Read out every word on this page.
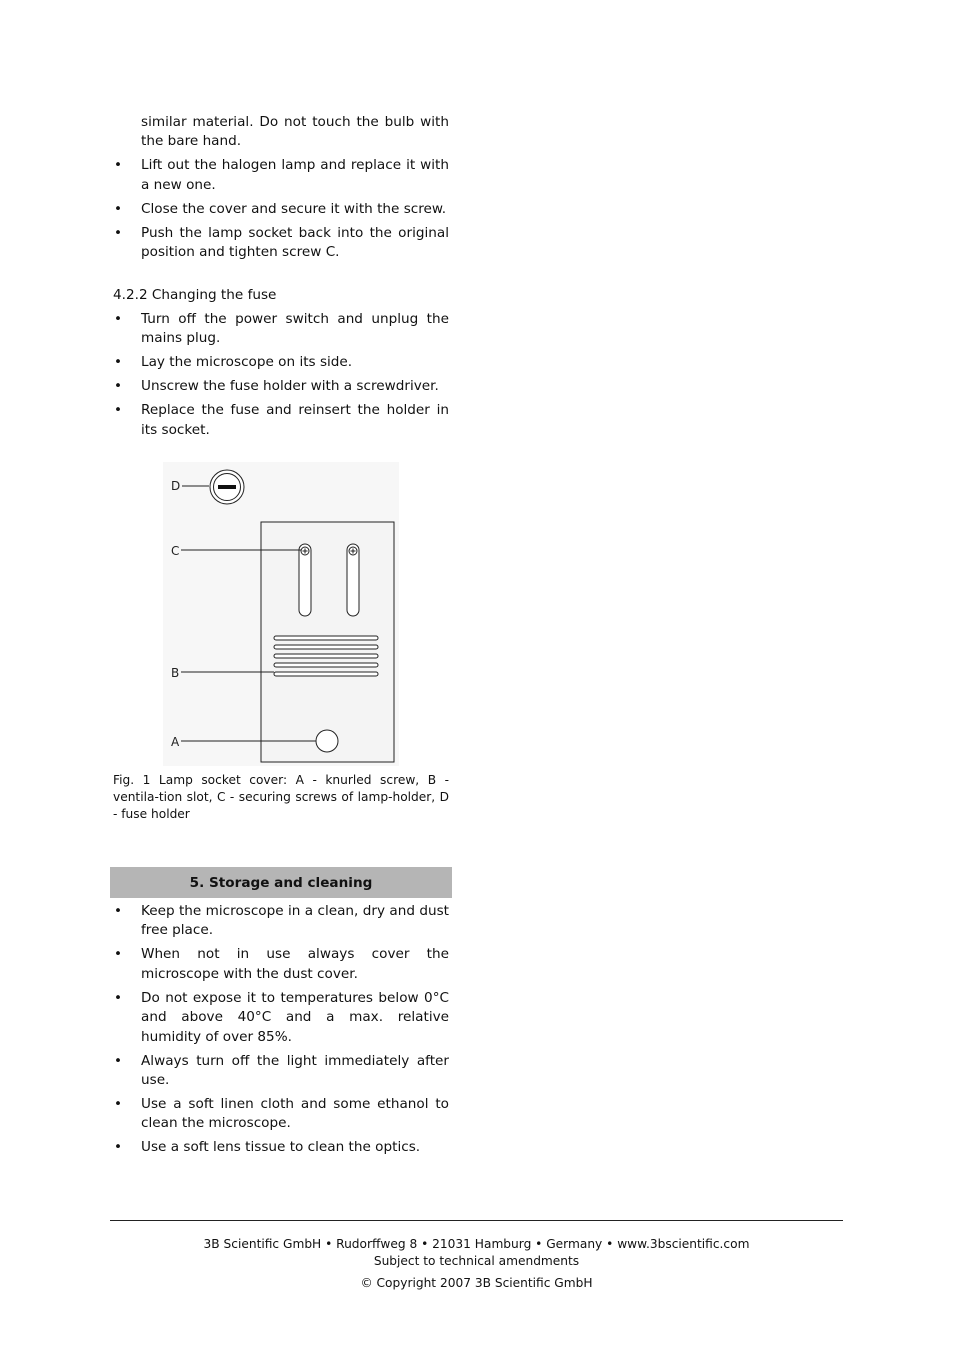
similar material. Do not touch the bulb with the bare hand.

• Lift out the halogen lamp and replace it with a new one.
• Close the cover and secure it with the screw.
• Push the lamp socket back into the original position and tighten screw C.
4.2.2 Changing the fuse
• Turn off the power switch and unplug the mains plug.
• Lay the microscope on its side.
• Unscrew the fuse holder with a screwdriver.
• Replace the fuse and reinsert the holder in its socket.
D
C
B
A
Fig. 1 Lamp socket cover: A - knurled screw, B - ventila-tion slot, C - securing screws of lamp-holder, D - fuse holder
5. Storage and cleaning
• Keep the microscope in a clean, dry and dust free place.
• When not in use always cover the microscope with the dust cover.
• Do not expose it to temperatures below 0°C and above 40°C and a max. relative humidity of over 85%.
• Always turn off the light immediately after use.
• Use a soft linen cloth and some ethanol to clean the microscope.
• Use a soft lens tissue to clean the optics.
3B Scientific GmbH • Rudorffweg 8 • 21031 Hamburg • Germany • www.3bscientific.com
Subject to technical amendments
© Copyright 2007 3B Scientific GmbH
